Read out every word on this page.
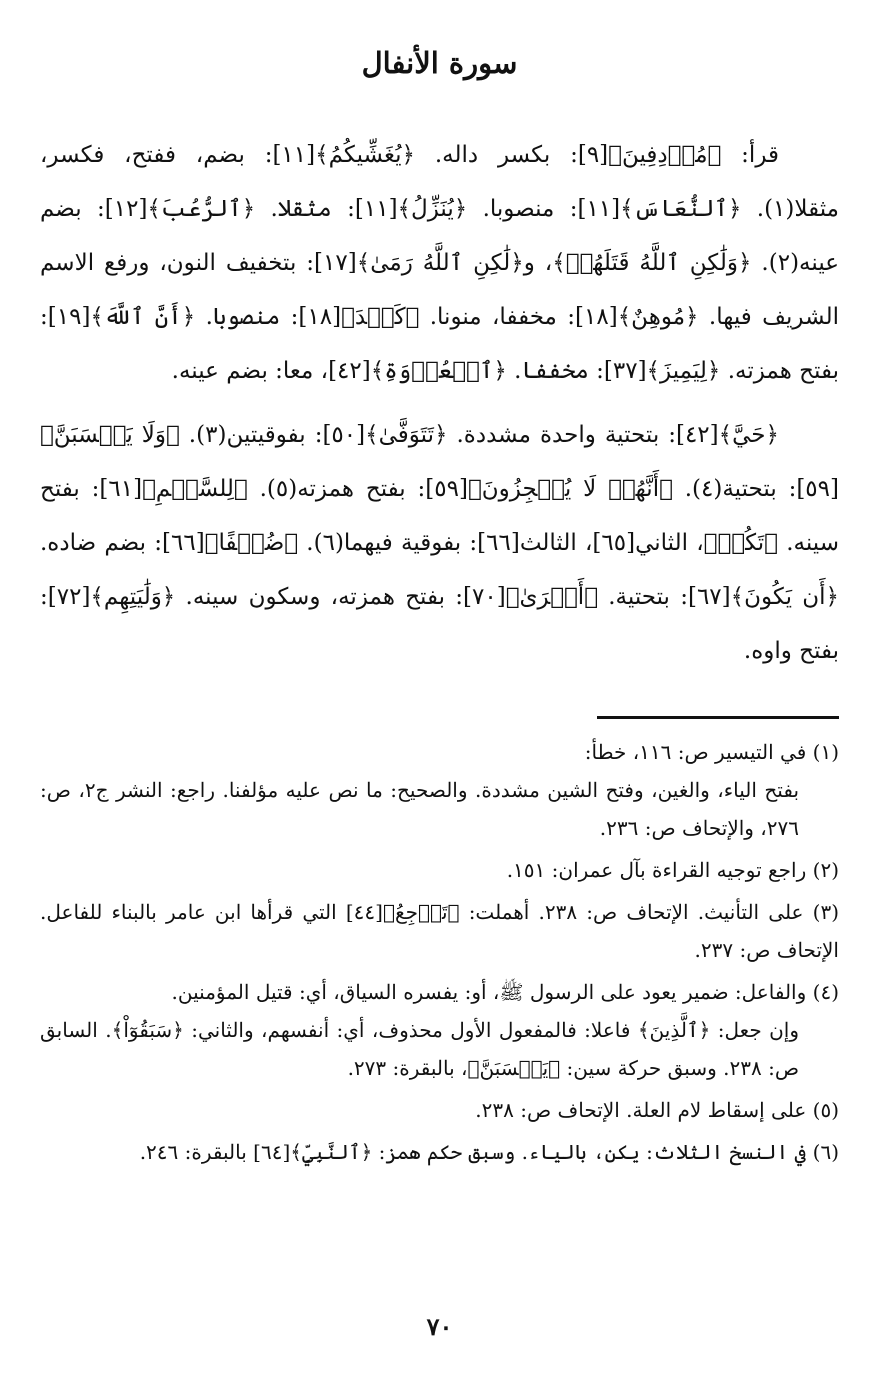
سورة الأنفال

قرأ: ﴿مُرۡدِفِينَ﴾[٩]: بكسر داله. ﴿يُغَشِّيكُمُ﴾[١١]: بضم، ففتح، فكسر، مثقلا(١). ﴿ٱلنُّعَاسَ﴾[١١]: منصوبا. ﴿يُنَزِّلُ﴾[١١]: مثقلا. ﴿ٱلرُّعُبَ﴾[١٢]: بضم عينه(٢). ﴿وَلَٰكِنِ ٱللَّهُ قَتَلَهُمۡ﴾، و﴿لَٰكِنِ ٱللَّهُ رَمَىٰ﴾[١٧]: بتخفيف النون، ورفع الاسم الشريف فيها. ﴿مُوهِنٌ﴾[١٨]: مخففا، منونا. ﴿كَيۡدَ﴾[١٨]: منصوبا. ﴿أَنَّ ٱللَّهَ﴾[١٩]: بفتح همزته. ﴿لِيَمِيزَ﴾[٣٧]: مخففا. ﴿ٱلۡعُدۡوَةِ﴾[٤٢]، معا: بضم عينه.

﴿حَيَّ﴾[٤٢]: بتحتية واحدة مشددة. ﴿تَتَوَفَّىٰ﴾[٥٠]: بفوقيتين(٣). ﴿وَلَا يَحۡسَبَنَّ﴾[٥٩]: بتحتية(٤). ﴿أَنَّهُمۡ لَا يُعۡجِزُونَ﴾[٥٩]: بفتح همزته(٥). ﴿لِلسَّلۡمِ﴾[٦١]: بفتح سينه. ﴿تَكُنۡ﴾، الثاني[٦٥]، الثالث[٦٦]: بفوقية فيهما(٦). ﴿ضُعۡفًا﴾[٦٦]: بضم ضاده. ﴿أَن يَكُونَ﴾[٦٧]: بتحتية. ﴿أَسۡرَىٰ﴾[٧٠]: بفتح همزته، وسكون سينه. ﴿وَلَٰيَتِهِم﴾[٧٢]: بفتح واوه.

(١) في التيسير ص: ١١٦، خطأ:
بفتح الياء، والغين، وفتح الشين مشددة. والصحيح: ما نص عليه مؤلفنا. راجع: النشر ج٢، ص: ٢٧٦، والإتحاف ص: ٢٣٦.

(٢) راجع توجيه القراءة بآل عمران: ١٥١.

(٣) على التأنيث. الإتحاف ص: ٢٣٨. أهملت: ﴿تَرۡجِعُ﴾[٤٤] التي قرأها ابن عامر بالبناء للفاعل. الإتحاف ص: ٢٣٧.

(٤) والفاعل: ضمير يعود على الرسول ﷺ، أو: يفسره السياق، أي: قتيل المؤمنين.
وإن جعل: ﴿ٱلَّذِينَ﴾ فاعلا: فالمفعول الأول محذوف، أي: أنفسهم، والثاني: ﴿سَبَقُوٓاْ﴾. السابق ص: ٢٣٨. وسبق حركة سين: ﴿يَحۡسَبَنَّ﴾، بالبقرة: ٢٧٣.

(٥) على إسقاط لام العلة. الإتحاف ص: ٢٣٨.

(٦) في النسخ الثلاث: يكن، بالياء. وسبق حكم همز: ﴿ٱلنَّبِيِّ﴾[٦٤] بالبقرة: ٢٤٦.

٧٠
